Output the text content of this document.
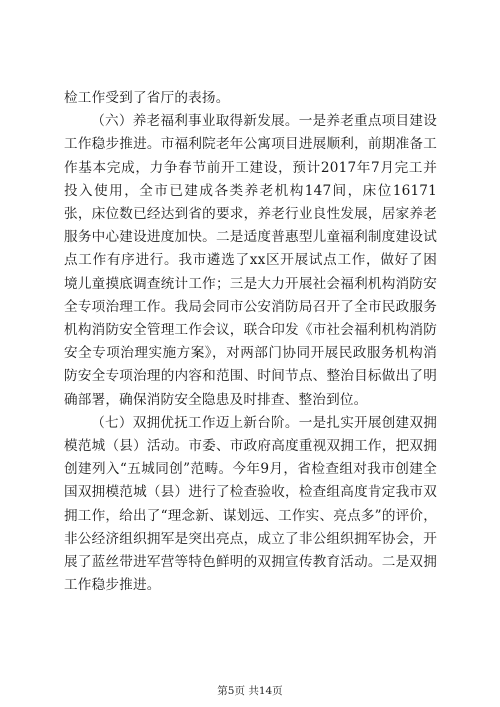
检工作受到了省厅的表扬。

（六）养老福利事业取得新发展。一是养老重点项目建设工作稳步推进。市福利院老年公寓项目进展顺利，前期准备工作基本完成，力争春节前开工建设，预计2017年7月完工并投入使用，全市已建成各类养老机构147间，床位16171张，床位数已经达到省的要求，养老行业良性发展，居家养老服务中心建设进度加快。二是适度普惠型儿童福利制度建设试点工作有序进行。我市遴选了xx区开展试点工作，做好了困境儿童摸底调查统计工作；三是大力开展社会福利机构消防安全专项治理工作。我局会同市公安消防局召开了全市民政服务机构消防安全管理工作会议，联合印发《市社会福利机构消防安全专项治理实施方案》，对两部门协同开展民政服务机构消防安全专项治理的内容和范围、时间节点、整治目标做出了明确部署，确保消防安全隐患及时排查、整治到位。

（七）双拥优抚工作迈上新台阶。一是扎实开展创建双拥模范城（县）活动。市委、市政府高度重视双拥工作，把双拥创建列入“五城同创”范畴。今年9月，省检查组对我市创建全国双拥模范城（县）进行了检查验收，检查组高度肯定我市双拥工作，给出了“理念新、谋划远、工作实、亮点多”的评价，非公经济组织拥军是突出亮点，成立了非公组织拥军协会，开展了蓝丝带进军营等特色鲜明的双拥宣传教育活动。二是双拥工作稳步推进。

第5页 共14页
